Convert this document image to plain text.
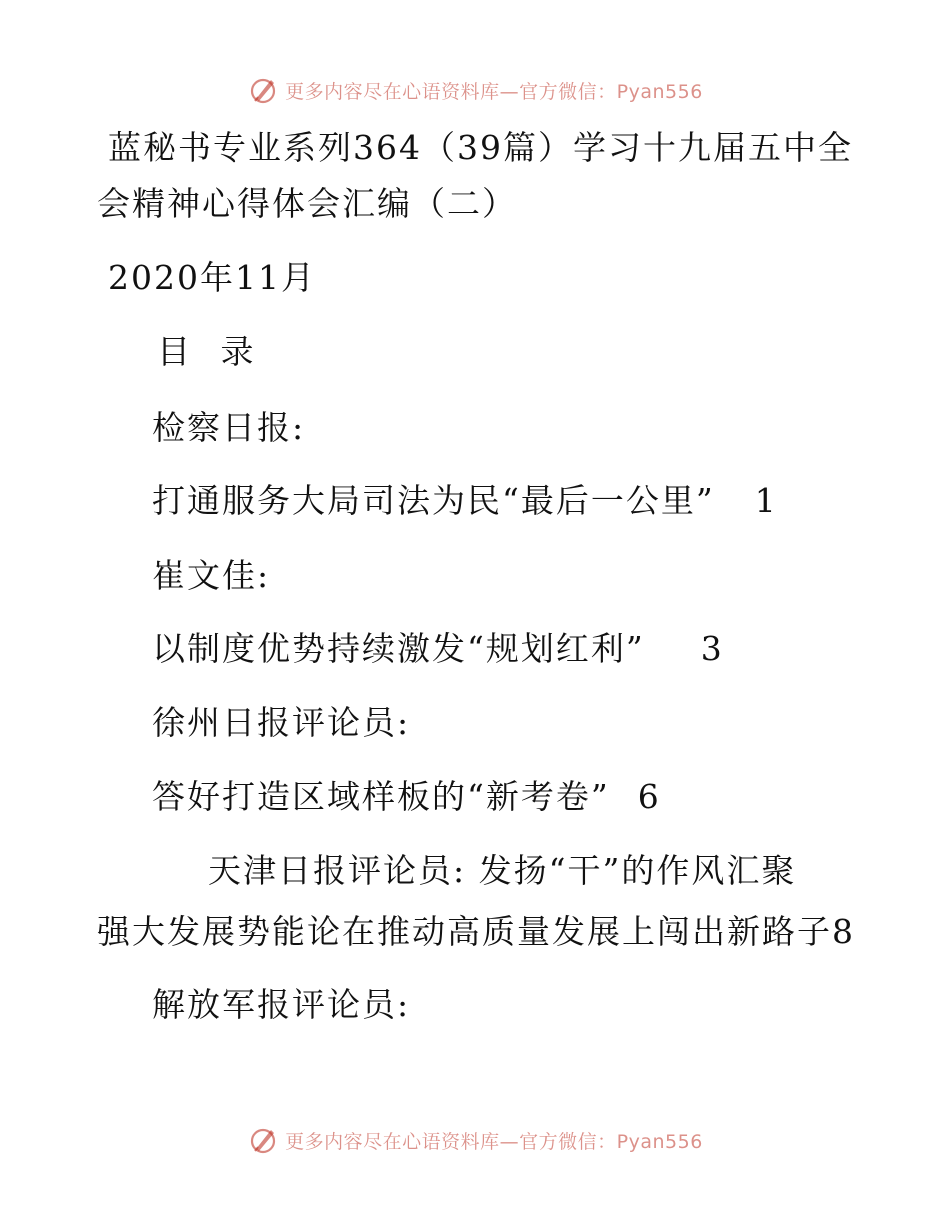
更多内容尽在心语资料库—官方微信：Pyan556
蓝秘书专业系列364（39篇）学习十九届五中全
会精神心得体会汇编（二）
2020年11月
目 录
检察日报:
打通服务大局司法为民“最后一公里” 1
崔文佳:
以制度优势持续激发“规划红利” 3
徐州日报评论员:
答好打造区域样板的“新考卷” 6
天津日报评论员: 发扬“干”的作风汇聚
强大发展势能论在推动高质量发展上闯出新路子8
解放军报评论员:
更多内容尽在心语资料库—官方微信：Pyan556
